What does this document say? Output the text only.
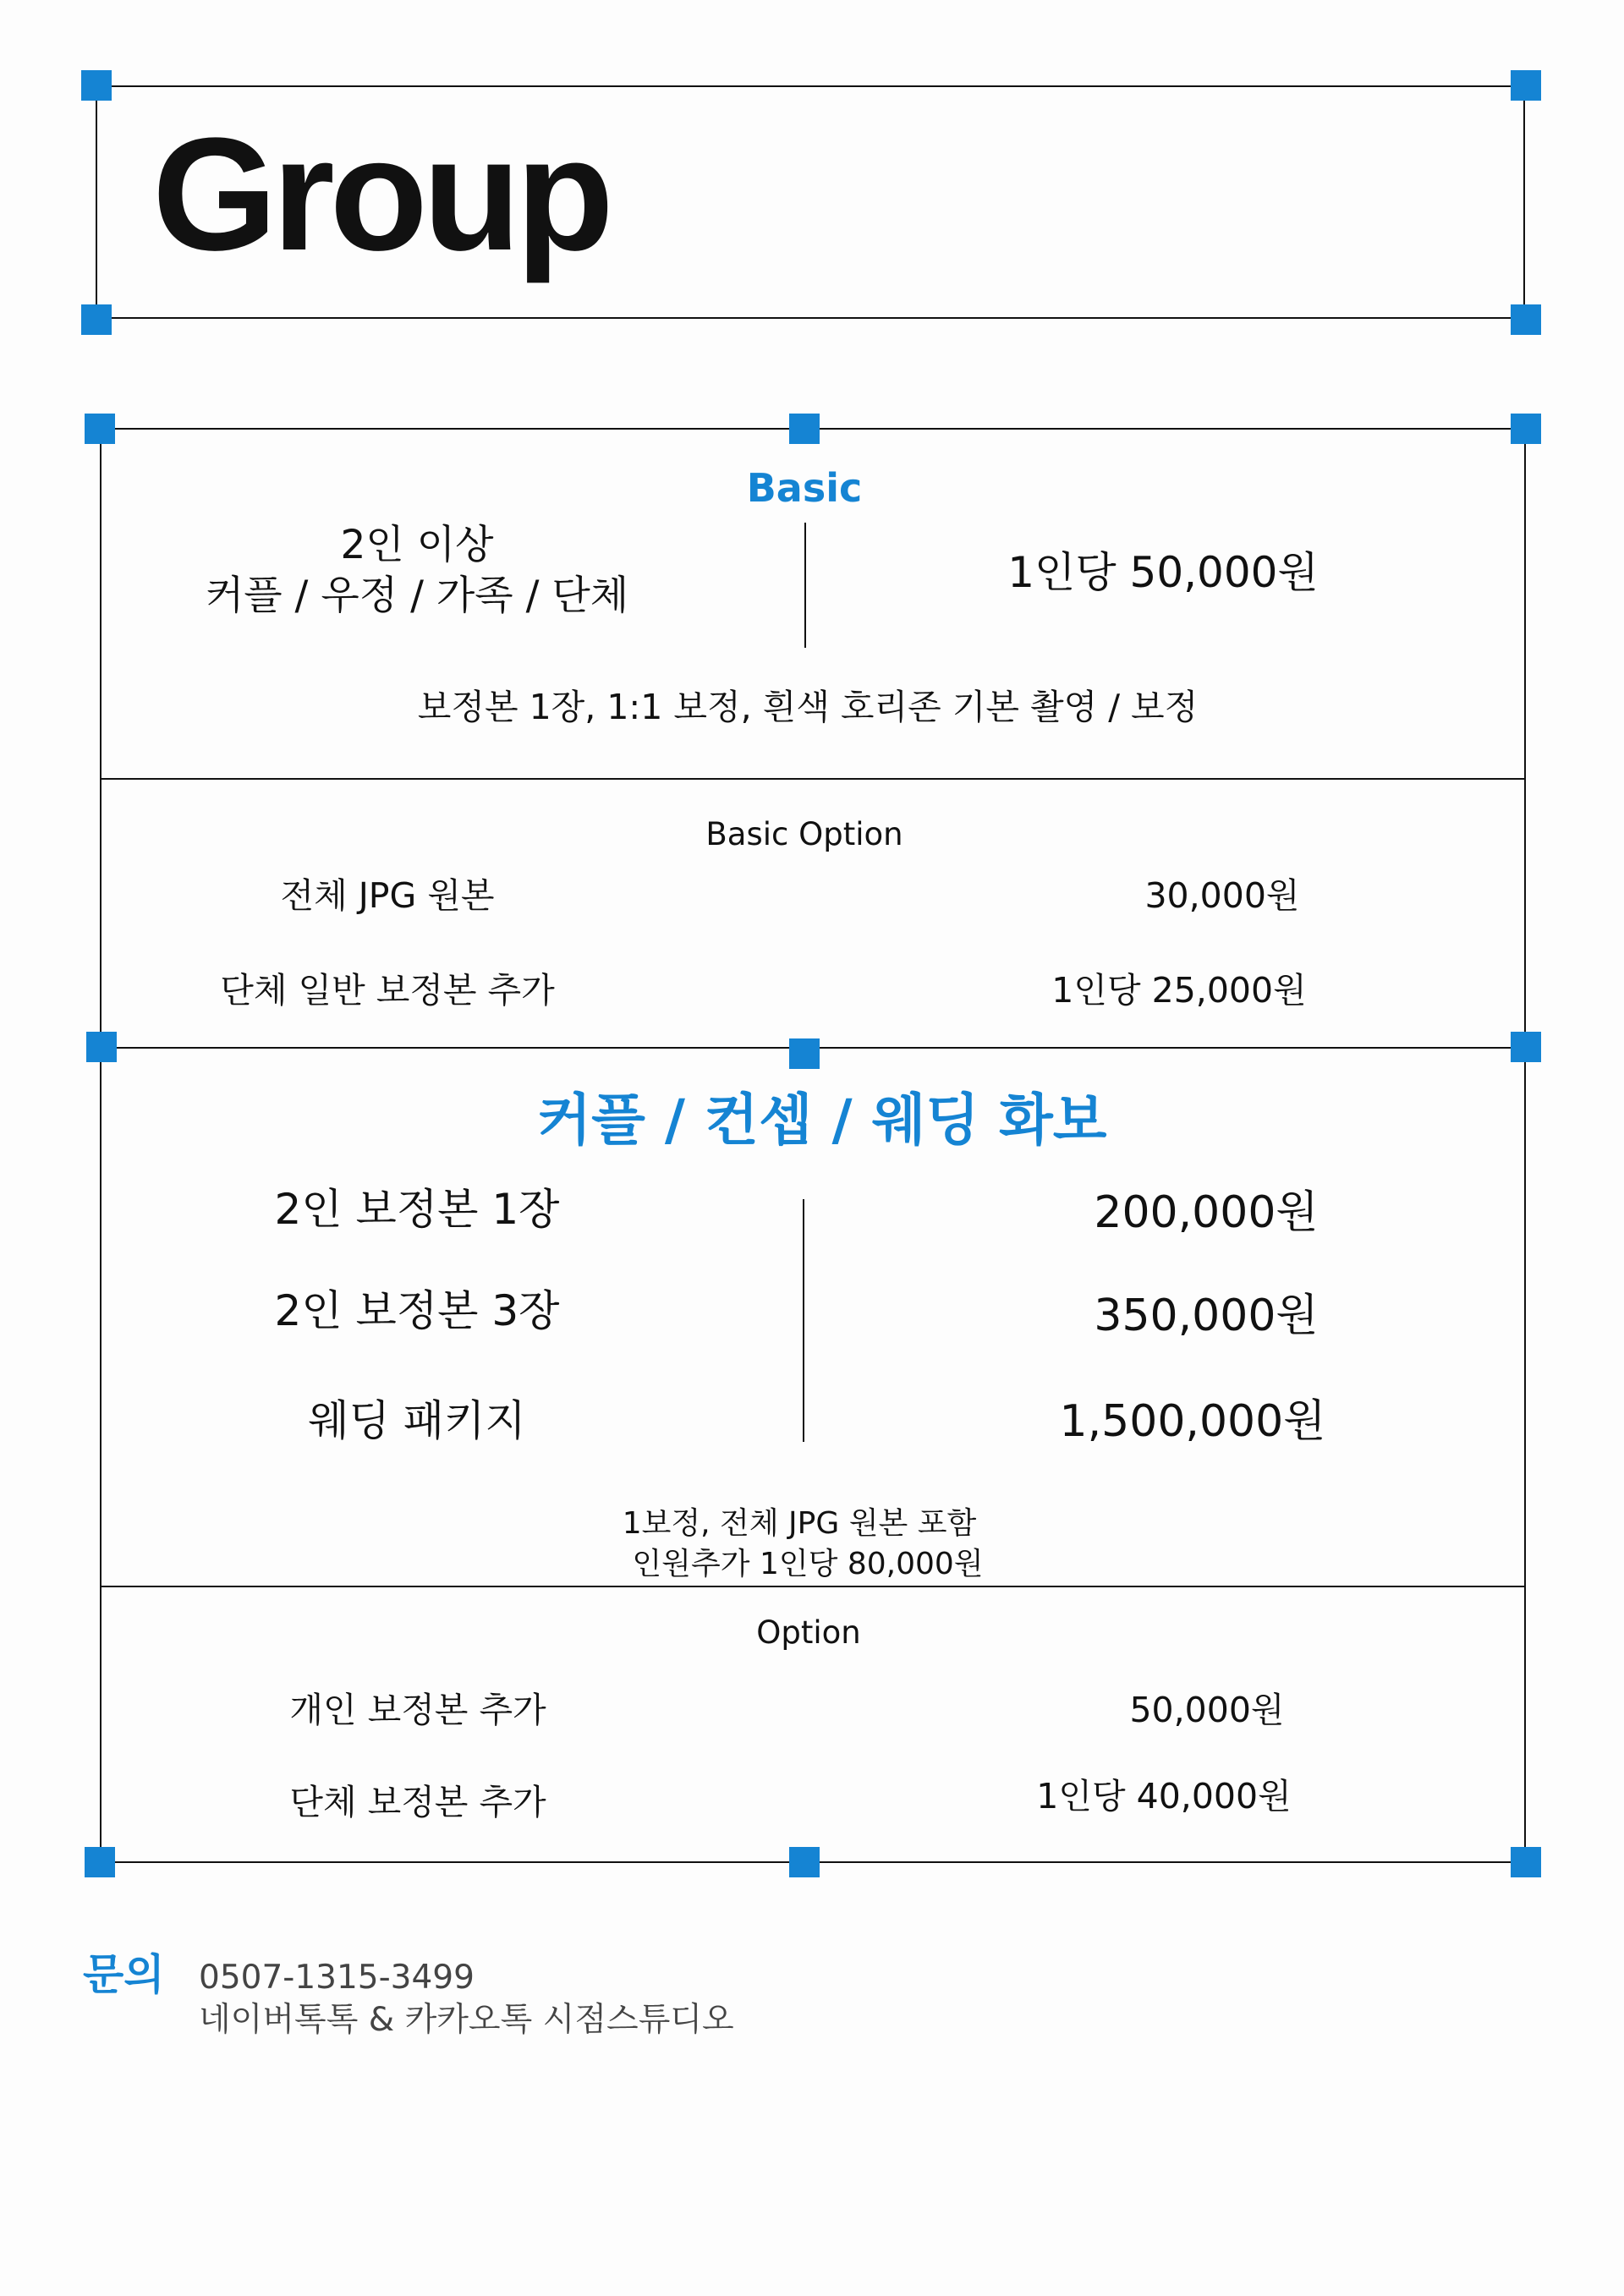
Group
Basic
2인 이상
커플 / 우정 / 가족 / 단체	1인당 50,000원
보정본 1장, 1:1 보정, 흰색 호리존 기본 촬영 / 보정
Basic Option
전체 JPG 원본	30,000원
단체 일반 보정본 추가	1인당 25,000원
커플 / 컨셉 / 웨딩 화보
2인 보정본 1장	200,000원
2인 보정본 3장	350,000원
웨딩 패키지	1,500,000원
1보정, 전체 JPG 원본 포함
인원추가 1인당 80,000원
Option
개인 보정본 추가	50,000원
단체 보정본 추가	1인당 40,000원
문의 0507-1315-3499
네이버톡톡 & 카카오톡 시점스튜디오
